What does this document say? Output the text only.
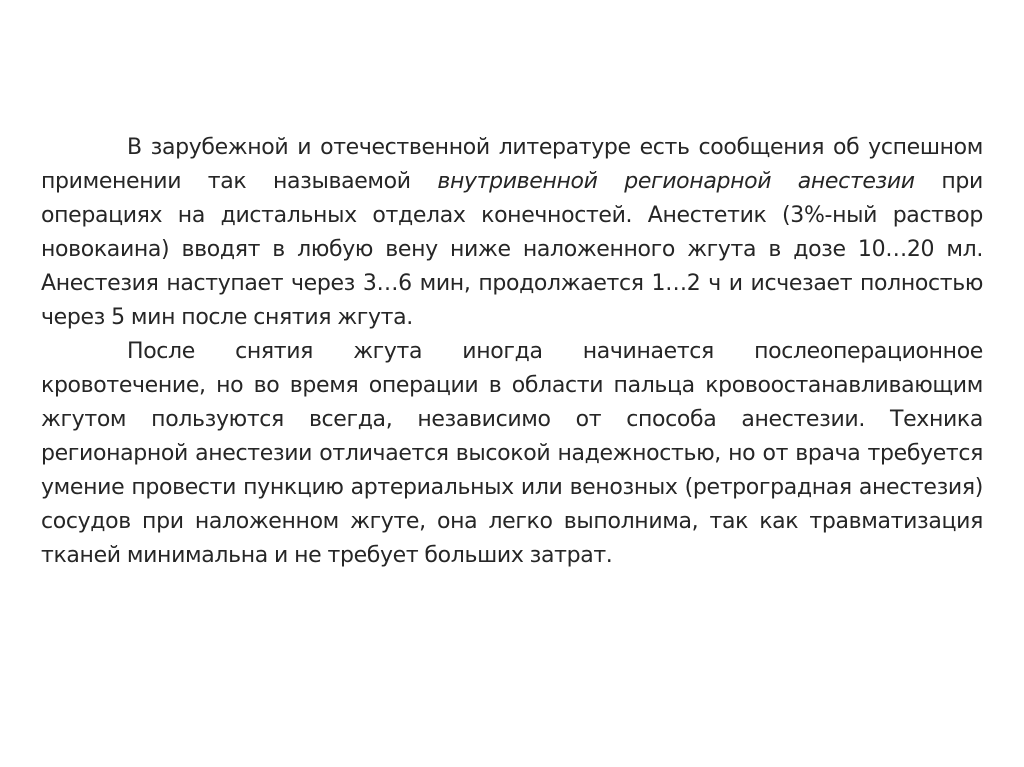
В зарубежной и отечественной литературе есть сообщения об успешном применении так называемой внутривенной регионарной анестезии при операциях на дистальных отделах конечностей. Анестетик (3%-ный раствор новокаина) вводят в любую вену ниже наложенного жгута в дозе 10…20 мл. Анестезия наступает через 3…6 мин, продолжается 1…2 ч и исчезает полностью через 5 мин после снятия жгута.

После снятия жгута иногда начинается послеоперационное кровотечение, но во время операции в области пальца кровоостанавливающим жгутом пользуются всегда, независимо от способа анестезии. Техника регионарной анестезии отличается высокой надежностью, но от врача требуется умение провести пункцию артериальных или венозных (ретроградная анестезия) сосудов при наложенном жгуте, она легко выполнима, так как травматизация тканей минимальна и не требует больших затрат.
